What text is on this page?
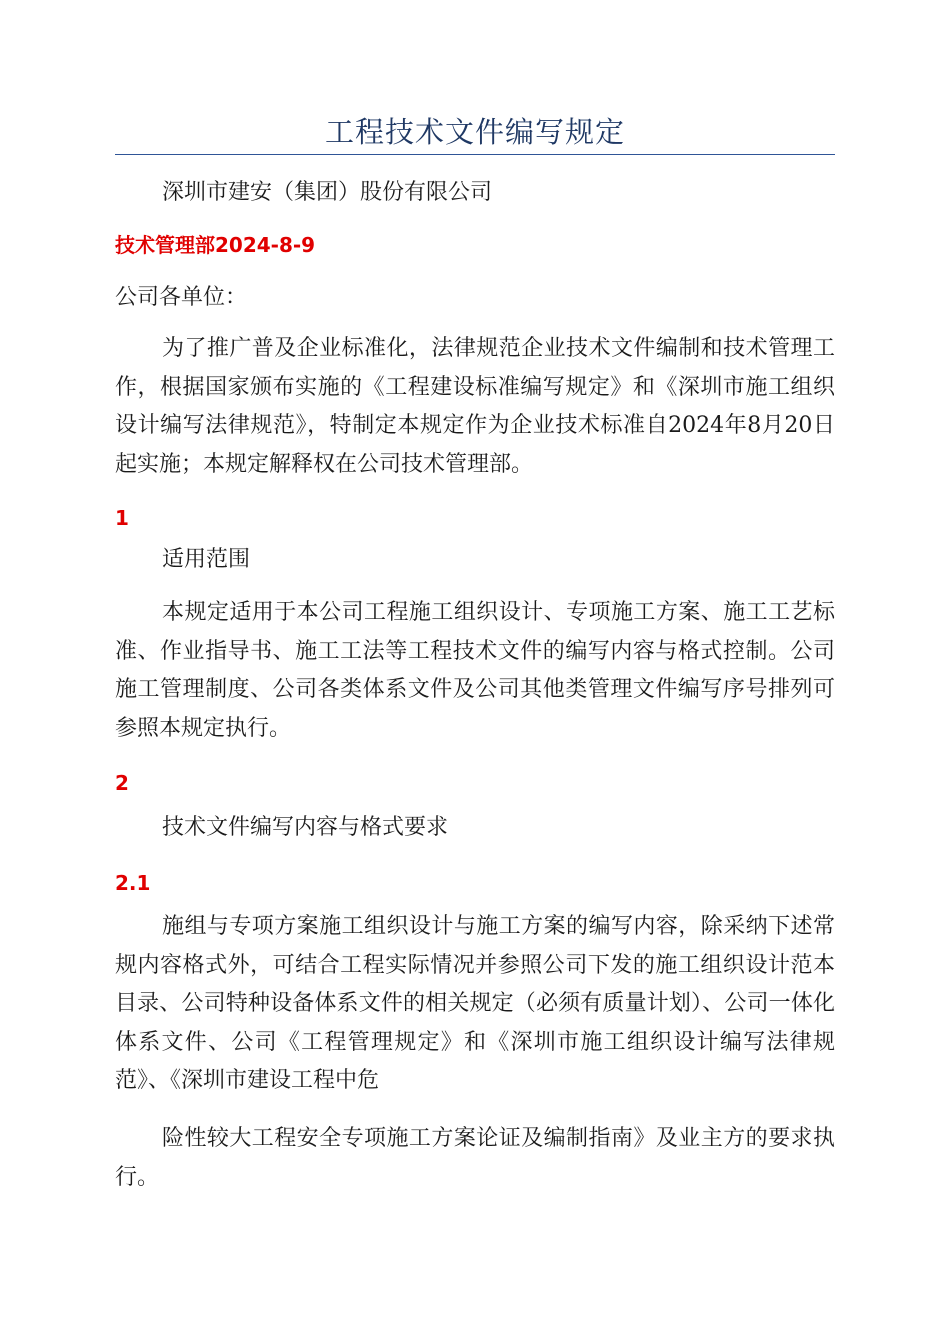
工程技术文件编写规定
深圳市建安（集团）股份有限公司
技术管理部2024-8-9
公司各单位：

为了推广普及企业标准化，法律规范企业技术文件编制和技术管理工作，根据国家颁布实施的《工程建设标准编写规定》和《深圳市施工组织设计编写法律规范》，特制定本规定作为企业技术标准自2024年8月20日起实施；本规定解释权在公司技术管理部。

1
适用范围

本规定适用于本公司工程施工组织设计、专项施工方案、施工工艺标准、作业指导书、施工工法等工程技术文件的编写内容与格式控制。公司施工管理制度、公司各类体系文件及公司其他类管理文件编写序号排列可参照本规定执行。

2
技术文件编写内容与格式要求
2.1

施组与专项方案施工组织设计与施工方案的编写内容，除采纳下述常规内容格式外，可结合工程实际情况并参照公司下发的施工组织设计范本目录、公司特种设备体系文件的相关规定（必须有质量计划）、公司一体化体系文件、公司《工程管理规定》和《深圳市施工组织设计编写法律规范》、《深圳市建设工程中危

险性较大工程安全专项施工方案论证及编制指南》及业主方的要求执行。
